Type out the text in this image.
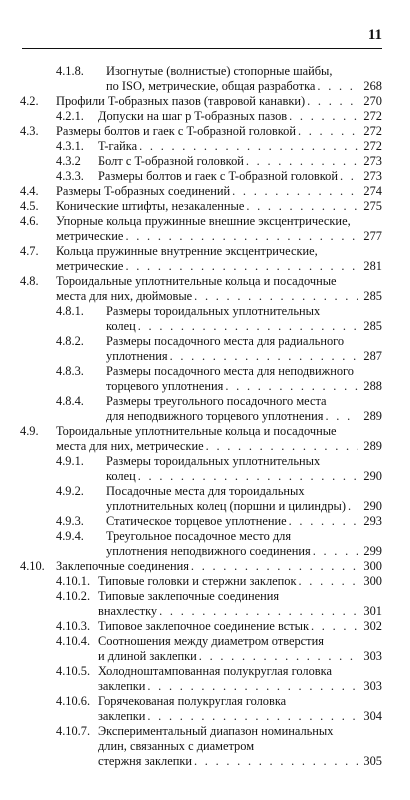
11
4.1.8. Изогнутые (волнистые) стопорные шайбы,
по ISO, метрические, общая разработка . . .	268
4.2. Профили T-образных пазов (тавровой канавки) . . .	270
4.2.1. Допуски на шаг p T-образных пазов . . .	272
4.3. Размеры болтов и гаек с T-образной головкой . . .	272
4.3.1. T-гайка . . .	272
4.3.2 Болт с T-образной головкой . . .	273
4.3.3. Размеры болтов и гаек с T-образной головкой . . . 273
4.4. Размеры T-образных соединений . . .	274
4.5. Конические штифты, незакаленные . . .	275
4.6. Упорные кольца пружинные внешние эксцентрические,
метрические . . .	277
4.7. Кольца пружинные внутренние эксцентрические,
метрические . . .	281
4.8. Тороидальные уплотнительные кольца и посадочные
места для них, дюймовые . . .	285
4.8.1. Размеры тороидальных уплотнительных
колец . . .	285
4.8.2. Размеры посадочного места для радиального
уплотнения . . .	287
4.8.3. Размеры посадочного места для неподвижного
торцевого уплотнения . . .	288
4.8.4. Размеры треугольного посадочного места
для неподвижного торцевого уплотнения . . .	289
4.9. Тороидальные уплотнительные кольца и посадочные
места для них, метрические . . .	289
4.9.1. Размеры тороидальных уплотнительных
колец . . .	290
4.9.2. Посадочные места для тороидальных
уплотнительных колец (поршни и цилиндры) . . . 290
4.9.3. Статическое торцевое уплотнение . . .	293
4.9.4. Треугольное посадочное место для
уплотнения неподвижного соединения . . .	299
4.10. Заклепочные соединения . . .	300
4.10.1. Типовые головки и стержни заклепок . . .	300
4.10.2. Типовые заклепочные соединения
внахлестку . . .	301
4.10.3. Типовое заклепочное соединение встык . . .	302
4.10.4. Соотношения между диаметром отверстия
и длиной заклепки . . .	303
4.10.5. Холодноштампованная полукруглая головка
заклепки . . .	303
4.10.6. Горячекованая полукруглая головка
заклепки . . .	304
4.10.7. Экспериментальный диапазон номинальных
длин, связанных с диаметром
стержня заклепки . . .	305
